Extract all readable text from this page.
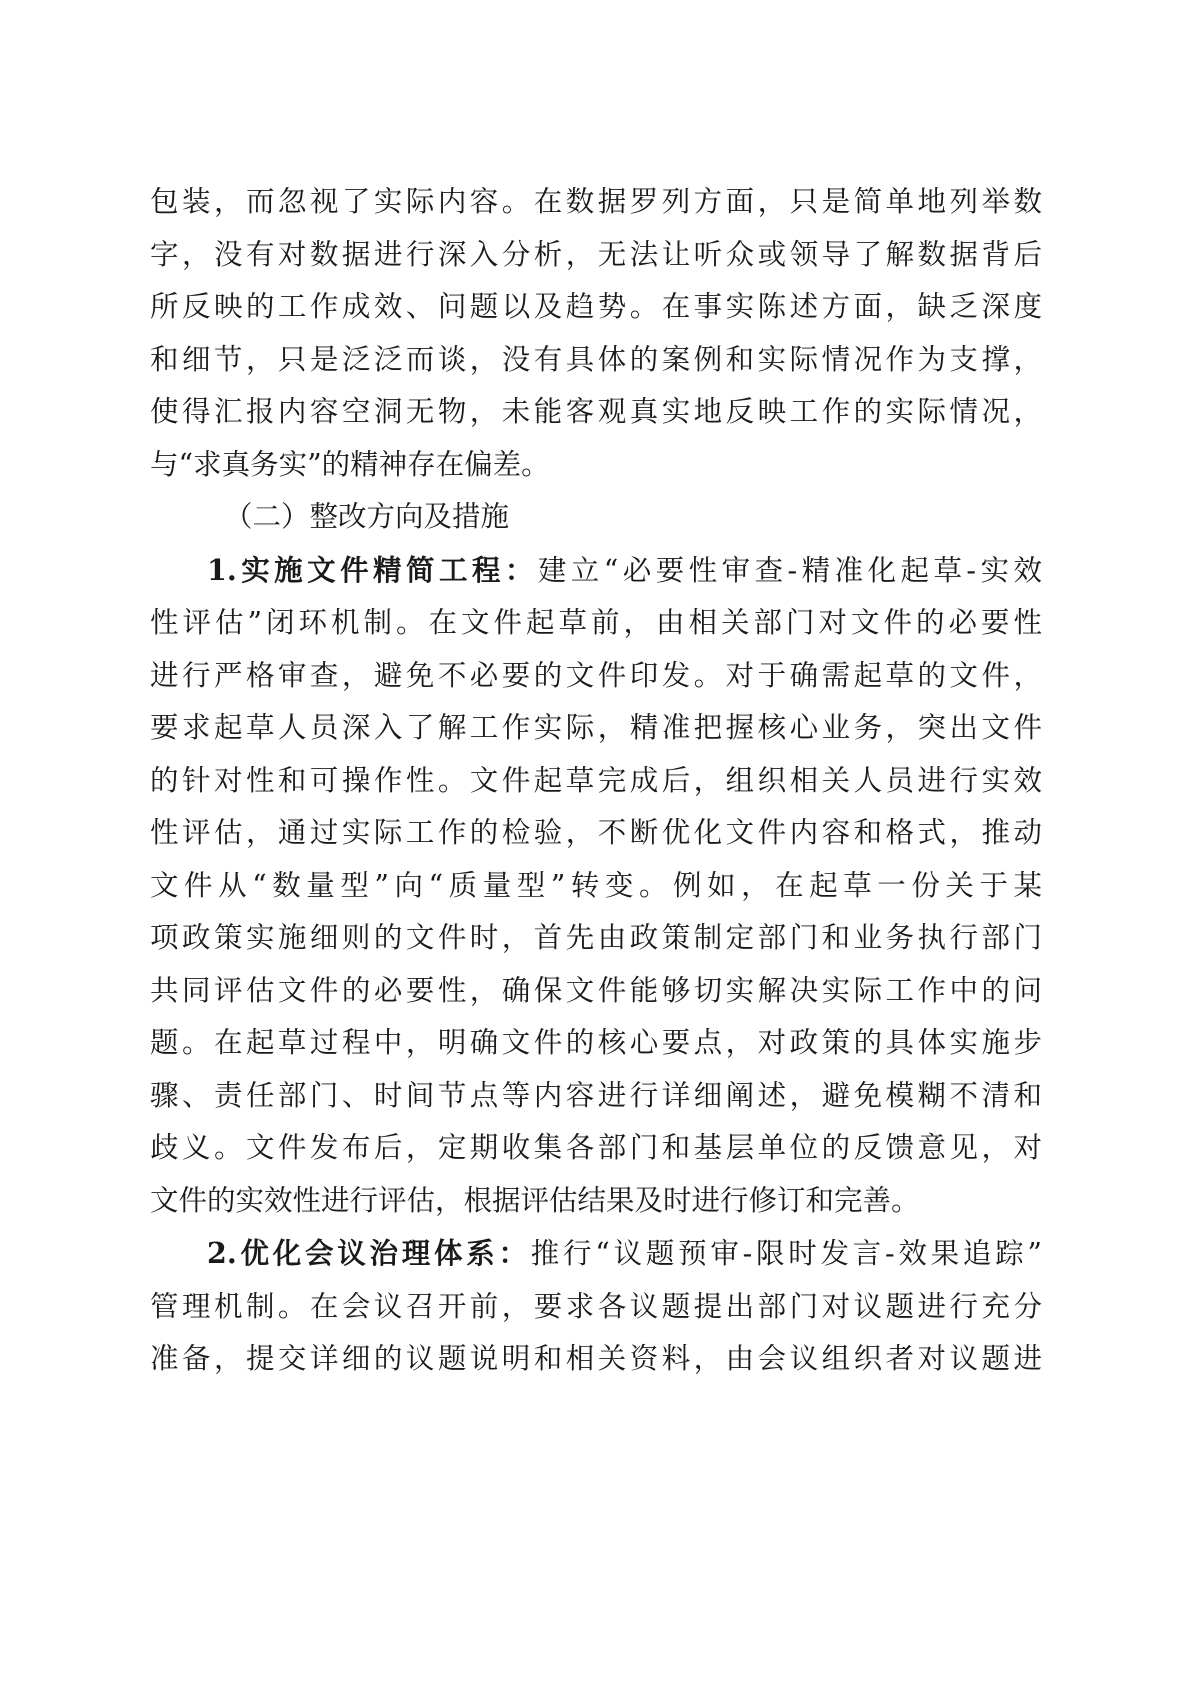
包装，而忽视了实际内容。在数据罗列方面，只是简单地列举数
字，没有对数据进行深入分析，无法让听众或领导了解数据背后
所反映的工作成效、问题以及趋势。在事实陈述方面，缺乏深度
和细节，只是泛泛而谈，没有具体的案例和实际情况作为支撑，
使得汇报内容空洞无物，未能客观真实地反映工作的实际情况，
与“求真务实”的精神存在偏差。

（二）整改方向及措施

1.实施文件精简工程：建立“必要性审查-精准化起草-实效
性评估”闭环机制。在文件起草前，由相关部门对文件的必要性
进行严格审查，避免不必要的文件印发。对于确需起草的文件，
要求起草人员深入了解工作实际，精准把握核心业务，突出文件
的针对性和可操作性。文件起草完成后，组织相关人员进行实效
性评估，通过实际工作的检验，不断优化文件内容和格式，推动
文件从“数量型”向“质量型”转变。例如，在起草一份关于某
项政策实施细则的文件时，首先由政策制定部门和业务执行部门
共同评估文件的必要性，确保文件能够切实解决实际工作中的问
题。在起草过程中，明确文件的核心要点，对政策的具体实施步
骤、责任部门、时间节点等内容进行详细阐述，避免模糊不清和
歧义。文件发布后，定期收集各部门和基层单位的反馈意见，对
文件的实效性进行评估，根据评估结果及时进行修订和完善。

2.优化会议治理体系：推行“议题预审-限时发言-效果追踪”
管理机制。在会议召开前，要求各议题提出部门对议题进行充分
准备，提交详细的议题说明和相关资料，由会议组织者对议题进
